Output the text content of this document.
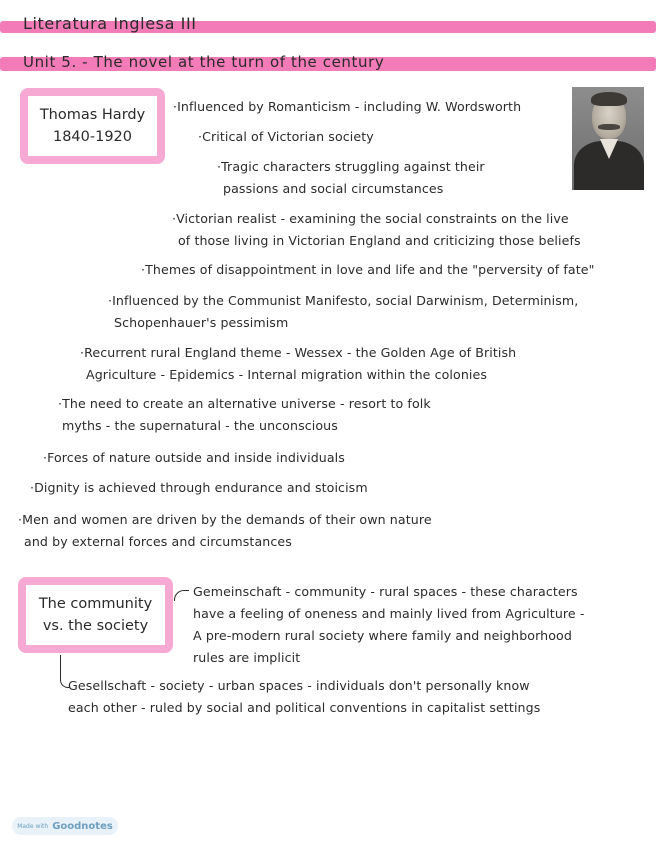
Literatura Inglesa III
Unit 5. - The novel at the turn of the century
Thomas Hardy
1840-1920
·Influenced by Romanticism - including W. Wordsworth
·Critical of Victorian society
·Tragic characters struggling against their
passions and social circumstances
·Victorian realist - examining the social constraints on the live
of those living in Victorian England and criticizing those beliefs
·Themes of disappointment in love and life and the "perversity of fate"
·Influenced by the Communist Manifesto, social Darwinism, Determinism,
Schopenhauer's pessimism
·Recurrent rural England theme - Wessex - the Golden Age of British
Agriculture - Epidemics - Internal migration within the colonies
·The need to create an alternative universe - resort to folk
myths - the supernatural - the unconscious
·Forces of nature outside and inside individuals
·Dignity is achieved through endurance and stoicism
·Men and women are driven by the demands of their own nature
and by external forces and circumstances
The community
vs. the society
Gemeinschaft - community - rural spaces - these characters
have a feeling of oneness and mainly lived from Agriculture -
A pre-modern rural society where family and neighborhood
rules are implicit
Gesellschaft - society - urban spaces - individuals don't personally know
each other - ruled by social and political conventions in capitalist settings
Made with Goodnotes
